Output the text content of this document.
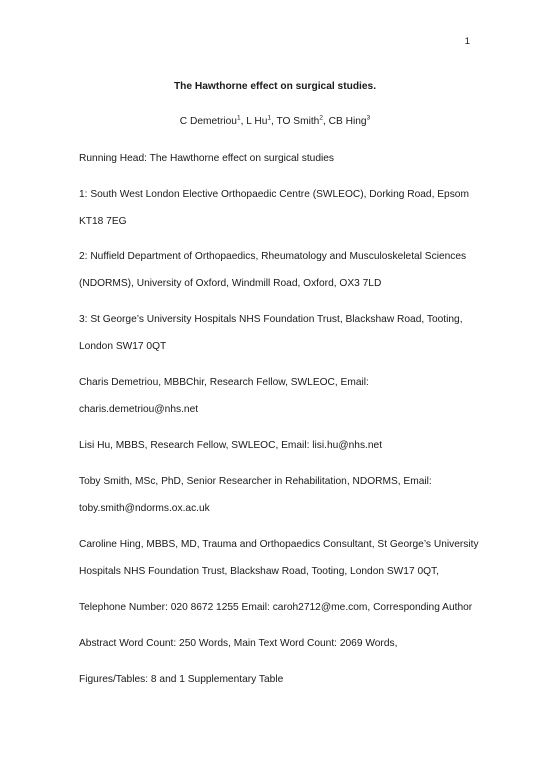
1
The Hawthorne effect on surgical studies.
C Demetriou$^1$, L Hu$^1$, TO Smith$^2$, CB Hing$^3$
Running Head: The Hawthorne effect on surgical studies
1: South West London Elective Orthopaedic Centre (SWLEOC), Dorking Road, Epsom
KT18 7EG
2: Nuffield Department of Orthopaedics, Rheumatology and Musculoskeletal Sciences
(NDORMS), University of Oxford, Windmill Road, Oxford, OX3 7LD
3: St George’s University Hospitals NHS Foundation Trust, Blackshaw Road, Tooting,
London SW17 0QT
Charis Demetriou, MBBChir, Research Fellow, SWLEOC, Email:
charis.demetriou@nhs.net
Lisi Hu, MBBS, Research Fellow, SWLEOC, Email: lisi.hu@nhs.net
Toby Smith, MSc, PhD, Senior Researcher in Rehabilitation, NDORMS, Email:
toby.smith@ndorms.ox.ac.uk
Caroline Hing, MBBS, MD, Trauma and Orthopaedics Consultant, St George’s University
Hospitals NHS Foundation Trust, Blackshaw Road, Tooting, London SW17 0QT,
Telephone Number: 020 8672 1255 Email: caroh2712@me.com, Corresponding Author
Abstract Word Count: 250 Words, Main Text Word Count: 2069 Words,
Figures/Tables: 8 and 1 Supplementary Table
